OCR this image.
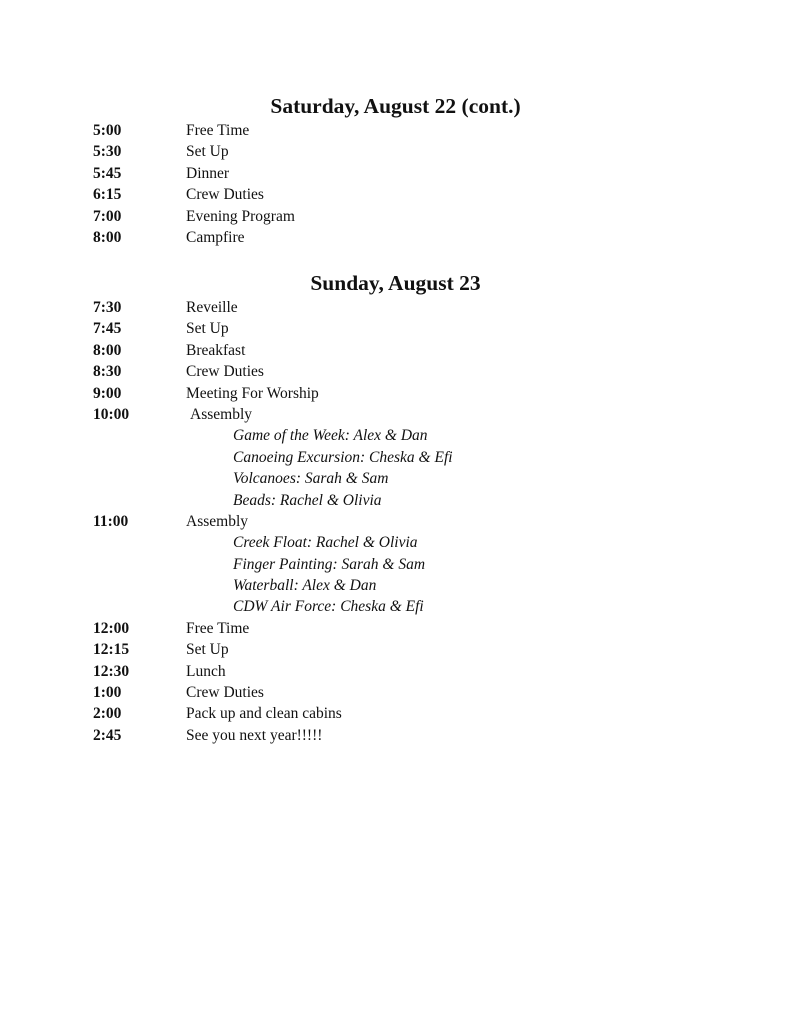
Saturday, August 22 (cont.)
5:00	Free Time
5:30	Set Up
5:45	Dinner
6:15	Crew Duties
7:00	Evening Program
8:00	Campfire
Sunday, August 23
7:30	Reveille
7:45	Set Up
8:00	Breakfast
8:30	Crew Duties
9:00	Meeting For Worship
10:00	Assembly
Game of the Week: Alex & Dan
Canoeing Excursion: Cheska & Efi
Volcanoes: Sarah & Sam
Beads: Rachel & Olivia
11:00	Assembly
Creek Float: Rachel & Olivia
Finger Painting: Sarah & Sam
Waterball: Alex & Dan
CDW Air Force: Cheska & Efi
12:00	Free Time
12:15	Set Up
12:30	Lunch
1:00	Crew Duties
2:00	Pack up and clean cabins
2:45	See you next year!!!!!
